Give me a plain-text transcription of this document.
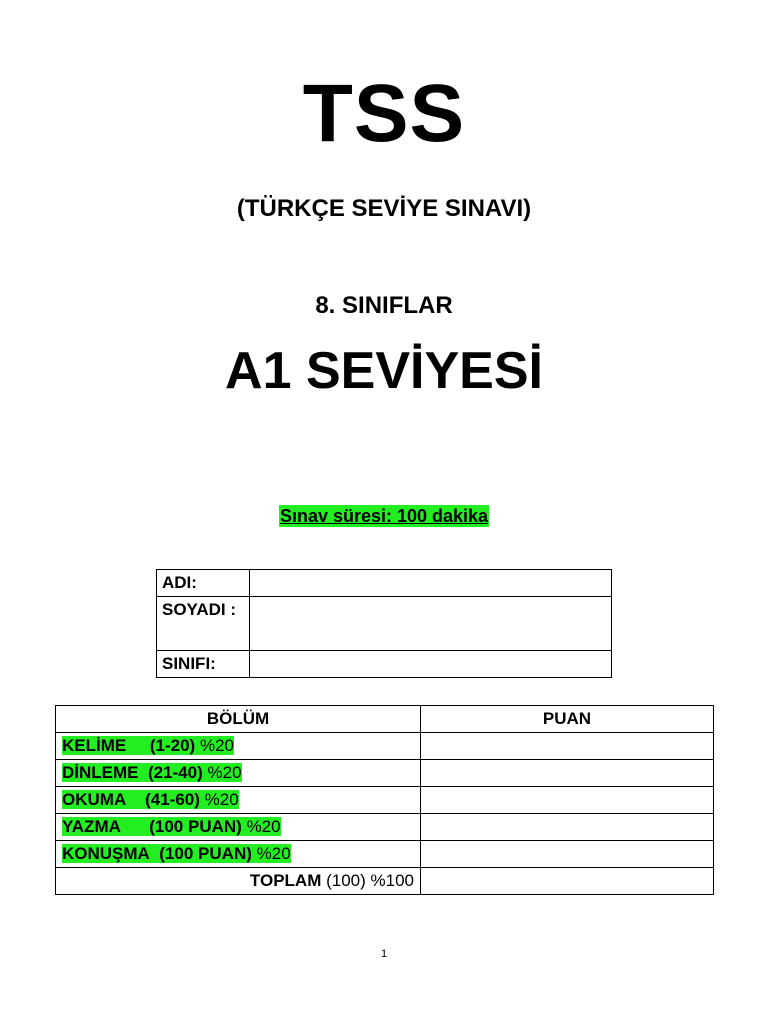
TSS
(TÜRKÇE SEVİYE SINAVI)
8. SINIFLAR
A1 SEVİYESİ
Sınav süresi: 100 dakika
ADI:	

SOYADI :	

SINIFI:	
BÖLÜM	PUAN
KELİME (1-20) %20	
DİNLEME (21-40) %20	
OKUMA (41-60) %20	
YAZMA (100 PUAN) %20	
KONUŞMA (100 PUAN) %20	
TOPLAM (100) %100	
1
